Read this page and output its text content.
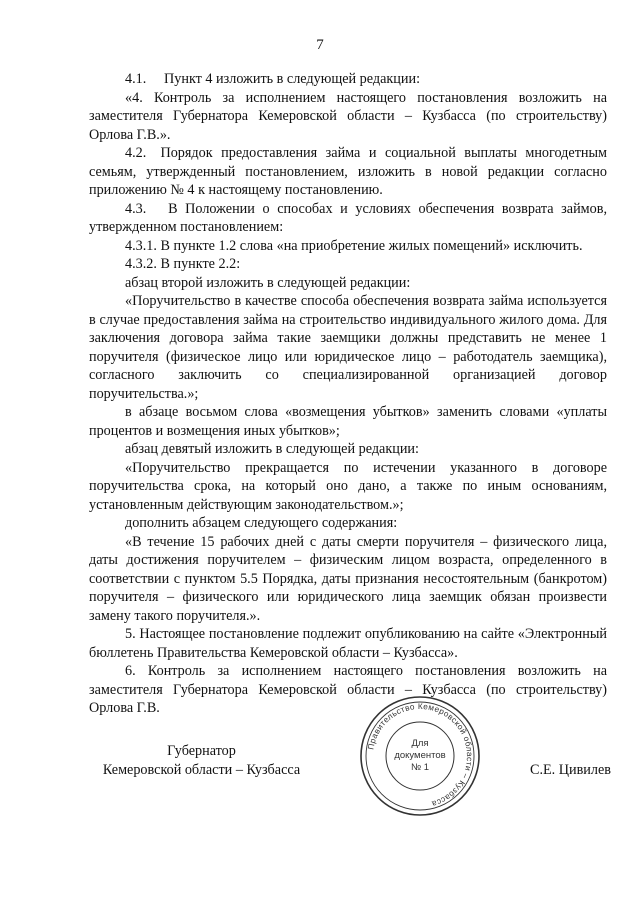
7

4.1.  Пункт 4 изложить в следующей редакции:

«4. Контроль за исполнением настоящего постановления возложить на заместителя Губернатора Кемеровской области – Кузбасса (по строительству) Орлова Г.В.».

4.2. Порядок предоставления займа и социальной выплаты многодетным семьям, утвержденный постановлением, изложить в новой редакции согласно приложению № 4 к настоящему постановлению.

4.3.  В Положении о способах и условиях обеспечения возврата займов, утвержденном постановлением:

4.3.1. В пункте 1.2 слова «на приобретение жилых помещений» исключить.

4.3.2. В пункте 2.2:

абзац второй изложить в следующей редакции:

«Поручительство в качестве способа обеспечения возврата займа используется в случае предоставления займа на строительство индивидуального жилого дома. Для заключения договора займа такие заемщики должны представить не менее 1 поручителя (физическое лицо или юридическое лицо – работодатель заемщика), согласного заключить со специализированной организацией договор поручительства.»;

в абзаце восьмом слова «возмещения убытков» заменить словами «уплаты процентов и возмещения иных убытков»;

абзац девятый изложить в следующей редакции:

«Поручительство прекращается по истечении указанного в договоре поручительства срока, на который оно дано, а также по иным основаниям, установленным действующим законодательством.»;

дополнить абзацем следующего содержания:

«В течение 15 рабочих дней с даты смерти поручителя – физического лица, даты достижения поручителем – физическим лицом возраста, определенного в соответствии с пунктом 5.5 Порядка, даты признания несостоятельным (банкротом) поручителя – физического или юридического лица заемщик обязан произвести замену такого поручителя.».

5. Настоящее постановление подлежит опубликованию на сайте «Электронный бюллетень Правительства Кемеровской области – Кузбасса».

6. Контроль за исполнением настоящего постановления возложить на заместителя Губернатора Кемеровской области – Кузбасса (по строительству) Орлова Г.В.

Правительство Кемеровской области – Кузбасса
Для
документов
№ 1
Губернатор
Кемеровской области – Кузбасса	С.Е. Цивилев
